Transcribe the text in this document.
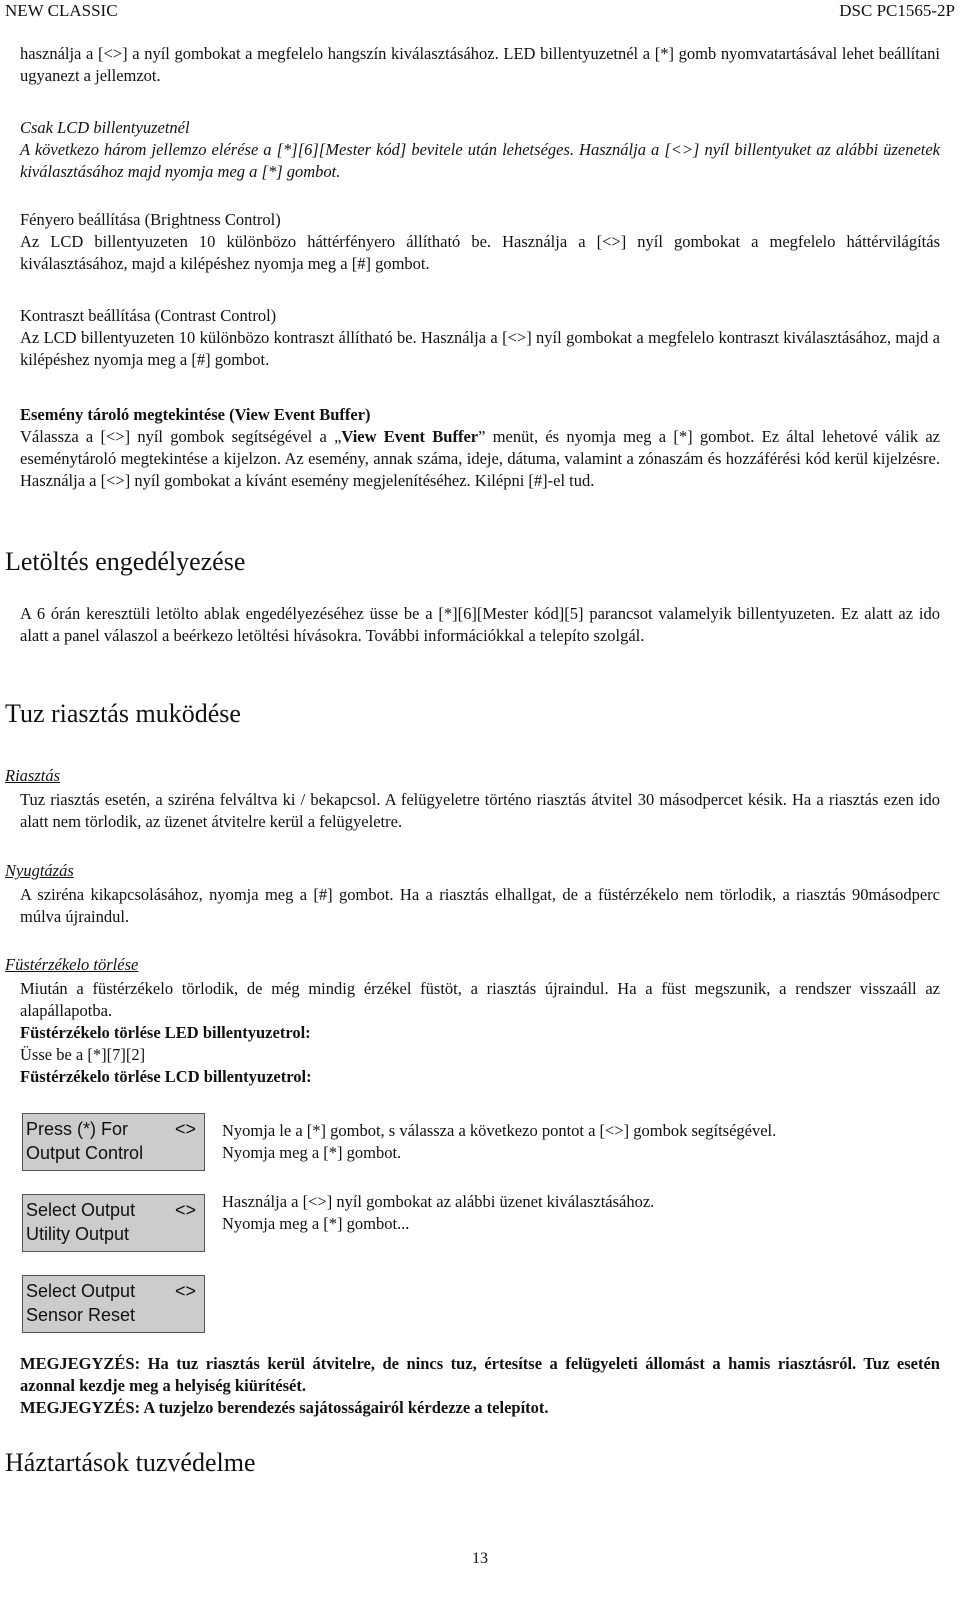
NEW CLASSIC	DSC PC1565-2P

használja a [<>] a nyíl gombokat a megfelelo hangszín kiválasztásához. LED billentyuzetnél a [*] gomb nyomvatartásával lehet beállítani ugyanezt a jellemzot.

Csak LCD billentyuzetnél

A következo három jellemzo elérése a [*][6][Mester kód] bevitele után lehetséges. Használja a [<>] nyíl billentyuket az alábbi üzenetek kiválasztásához majd nyomja meg a [*] gombot.

Fényero beállítása (Brightness Control)

Az LCD billentyuzeten 10 különbözo háttérfényero állítható be. Használja a [<>] nyíl gombokat a megfelelo háttérvilágítás kiválasztásához, majd a kilépéshez nyomja meg a [#] gombot.

Kontraszt beállítása (Contrast Control)

Az LCD billentyuzeten 10 különbözo kontraszt állítható be. Használja a [<>] nyíl gombokat a megfelelo kontraszt kiválasztásához, majd a kilépéshez nyomja meg a [#] gombot.

Esemény tároló megtekintése (View Event Buffer)

Válassza a [<>] nyíl gombok segítségével a „View Event Buffer” menüt, és nyomja meg a [*] gombot. Ez által lehetové válik az eseménytároló megtekintése a kijelzon. Az esemény, annak száma, ideje, dátuma, valamint a zónaszám és hozzáférési kód kerül kijelzésre. Használja a [<>] nyíl gombokat a kívánt esemény megjelenítéséhez. Kilépni [#]-el tud.

Letöltés engedélyezése

A 6 órán keresztüli letölto ablak engedélyezéséhez üsse be a [*][6][Mester kód][5] parancsot valamelyik billentyuzeten. Ez alatt az ido alatt a panel válaszol a beérkezo letöltési hívásokra. További információkkal a telepíto szolgál.

Tuz riasztás muködése

Riasztás

Tuz riasztás esetén, a sziréna felváltva ki / bekapcsol. A felügyeletre történo riasztás átvitel 30 másodpercet késik. Ha a riasztás ezen ido alatt nem törlodik, az üzenet átvitelre kerül a felügyeletre.

Nyugtázás

A sziréna kikapcsolásához, nyomja meg a [#] gombot. Ha a riasztás elhallgat, de a füstérzékelo nem törlodik, a riasztás 90másodperc múlva újraindul.

Füstérzékelo törlése

Miután a füstérzékelo törlodik, de még mindig érzékel füstöt, a riasztás újraindul. Ha a füst megszunik, a rendszer visszaáll az alapállapotba.

Füstérzékelo törlése LED billentyuzetrol:

Üsse be a [*][7][2]

Füstérzékelo törlése LCD billentyuzetrol:

Press (*) For	<>
Output Control

Nyomja le a [*] gombot, s válassza a következo pontot a [<>] gombok segítségével.

Nyomja meg a [*] gombot.

Select Output <>
Utility Output

Használja a [<>] nyíl gombokat az alábbi üzenet kiválasztásához.

Nyomja meg a [*] gombot...

Select Output <>
Sensor Reset

MEGJEGYZÉS: Ha tuz riasztás kerül átvitelre, de nincs tuz, értesítse a felügyeleti állomást a hamis riasztásról. Tuz esetén azonnal kezdje meg a helyiség kiürítését.

MEGJEGYZÉS: A tuzjelzo berendezés sajátosságairól kérdezze a telepítot.

Háztartások tuzvédelme
13
